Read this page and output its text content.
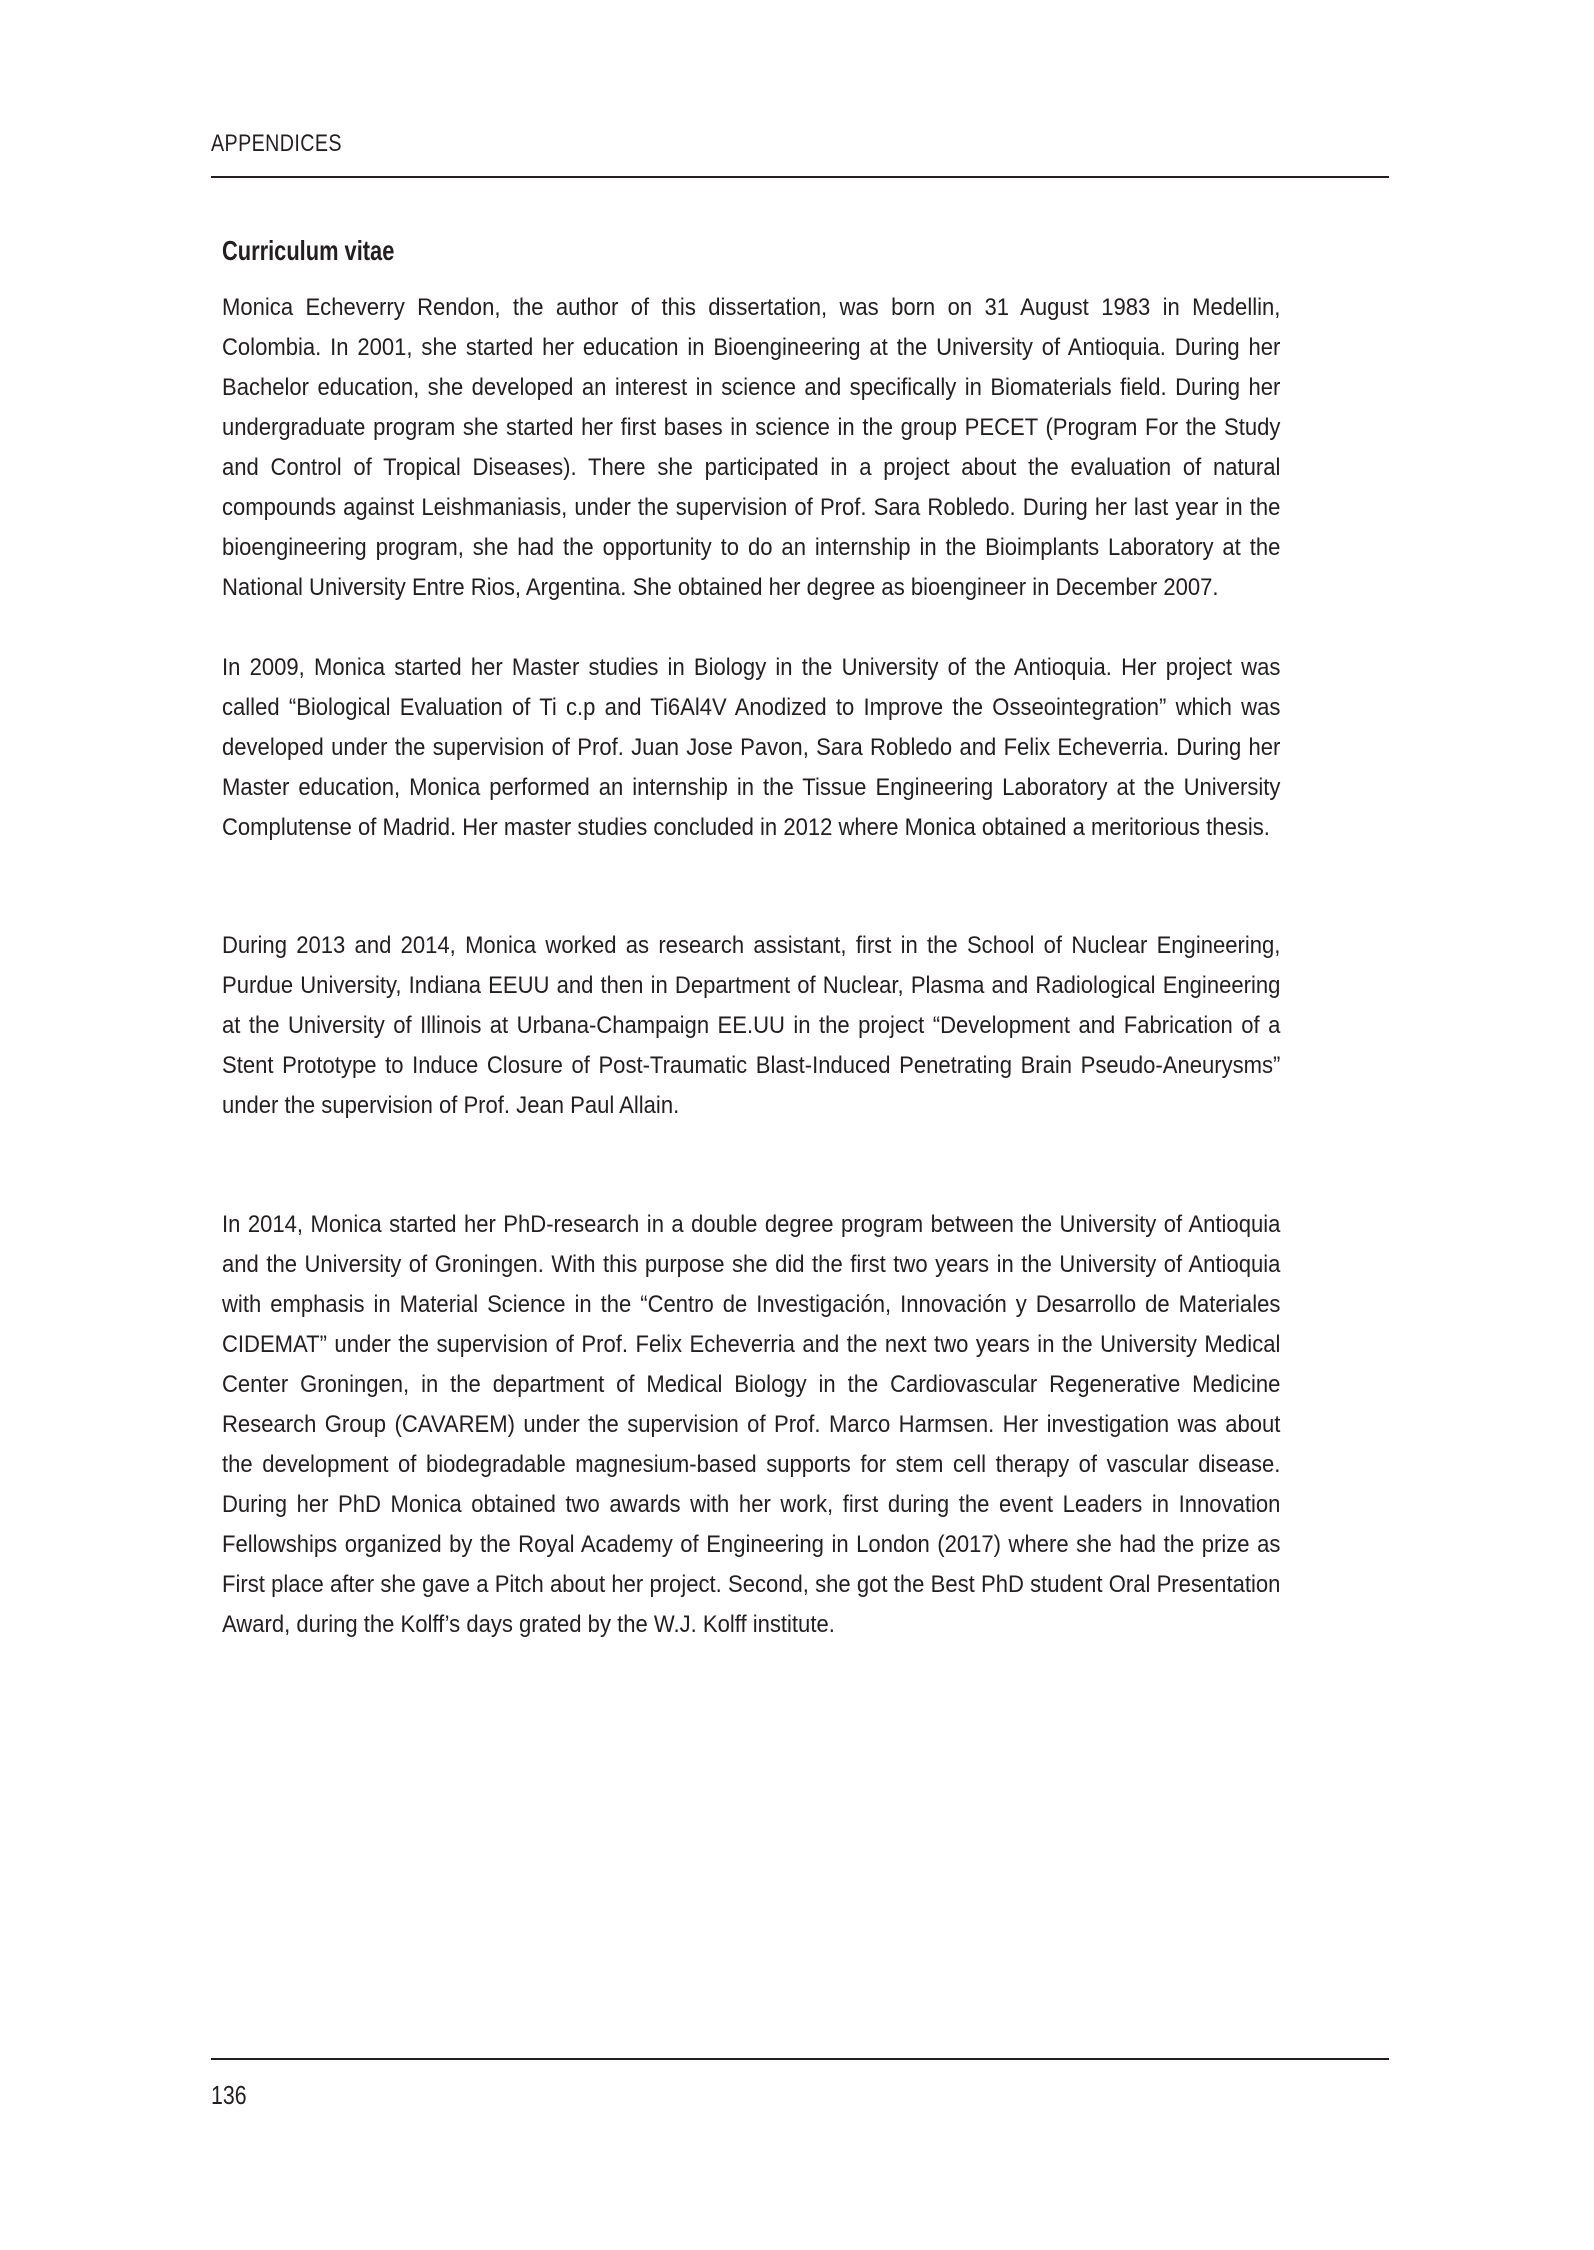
APPENDICES
Curriculum vitae

Monica Echeverry Rendon, the author of this dissertation, was born on 31 August 1983 in Medellin, Colombia. In 2001, she started her education in Bioengineering at the University of Antioquia. During her Bachelor education, she developed an interest in science and specifically in Biomaterials field. During her undergraduate program she started her first bases in science in the group PECET (Program For the Study and Control of Tropical Diseases). There she participated in a project about the evaluation of natural compounds against Leishmaniasis, under the supervision of Prof. Sara Robledo. During her last year in the bioengineering program, she had the opportunity to do an internship in the Bioimplants Laboratory at the National University Entre Rios, Argentina. She obtained her degree as bioengineer in December 2007.

In 2009, Monica started her Master studies in Biology in the University of the Antioquia. Her project was called “Biological Evaluation of Ti c.p and Ti6Al4V Anodized to Improve the Osseointegration” which was developed under the supervision of Prof. Juan Jose Pavon, Sara Robledo and Felix Echeverria. During her Master education, Monica performed an internship in the Tissue Engineering Laboratory at the University Complutense of Madrid. Her master studies concluded in 2012 where Monica obtained a meritorious thesis.

During 2013 and 2014, Monica worked as research assistant, first in the School of Nuclear Engineering, Purdue University, Indiana EEUU and then in Department of Nuclear, Plasma and Radiological Engineering at the University of Illinois at Urbana-Champaign EE.UU in the project “Development and Fabrication of a Stent Prototype to Induce Closure of Post-Traumatic Blast-Induced Penetrating Brain Pseudo-Aneurysms” under the supervision of Prof. Jean Paul Allain.

In 2014, Monica started her PhD-research in a double degree program between the University of Antioquia and the University of Groningen. With this purpose she did the first two years in the University of Antioquia with emphasis in Material Science in the “Centro de Investigación, Innovación y Desarrollo de Materiales CIDEMAT” under the supervision of Prof. Felix Echeverria and the next two years in the University Medical Center Groningen, in the department of Medical Biology in the Cardiovascular Regenerative Medicine Research Group (CAVAREM) under the supervision of Prof. Marco Harmsen. Her investigation was about the development of biodegradable magnesium-based supports for stem cell therapy of vascular disease. During her PhD Monica obtained two awards with her work, first during the event Leaders in Innovation Fellowships organized by the Royal Academy of Engineering in London (2017) where she had the prize as First place after she gave a Pitch about her project. Second, she got the Best PhD student Oral Presentation Award, during the Kolff’s days grated by the W.J. Kolff institute.

136
